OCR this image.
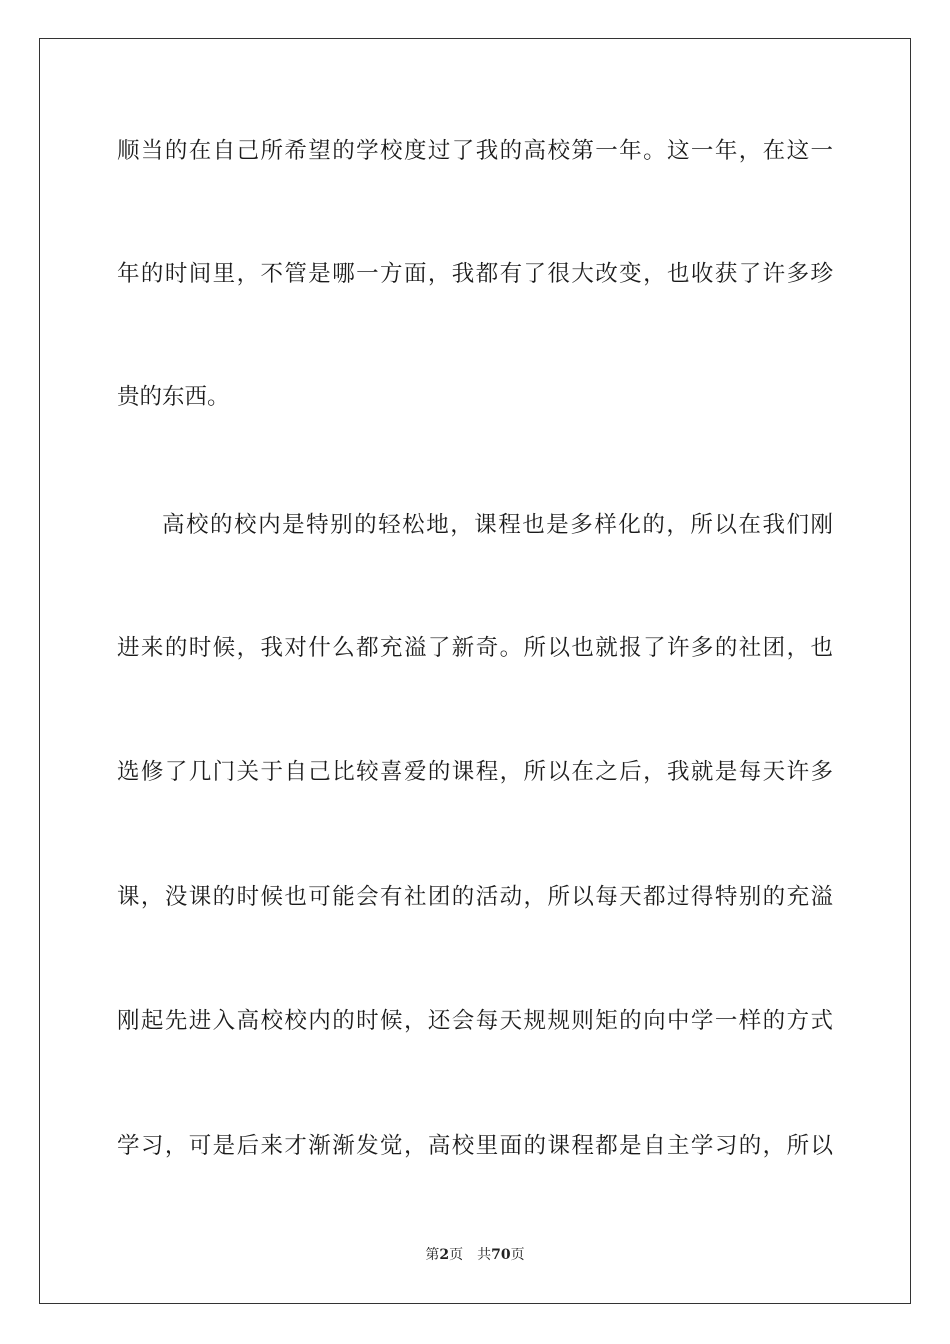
顺当的在自己所希望的学校度过了我的高校第一年。这一年，在这一
年的时间里，不管是哪一方面，我都有了很大改变，也收获了许多珍
贵的东西。
高校的校内是特别的轻松地，课程也是多样化的，所以在我们刚
进来的时候，我对什么都充溢了新奇。所以也就报了许多的社团，也
选修了几门关于自己比较喜爱的课程，所以在之后，我就是每天许多
课，没课的时候也可能会有社团的活动，所以每天都过得特别的充溢
刚起先进入高校校内的时候，还会每天规规则矩的向中学一样的方式
学习，可是后来才渐渐发觉，高校里面的课程都是自主学习的，所以
第2页 共70页
